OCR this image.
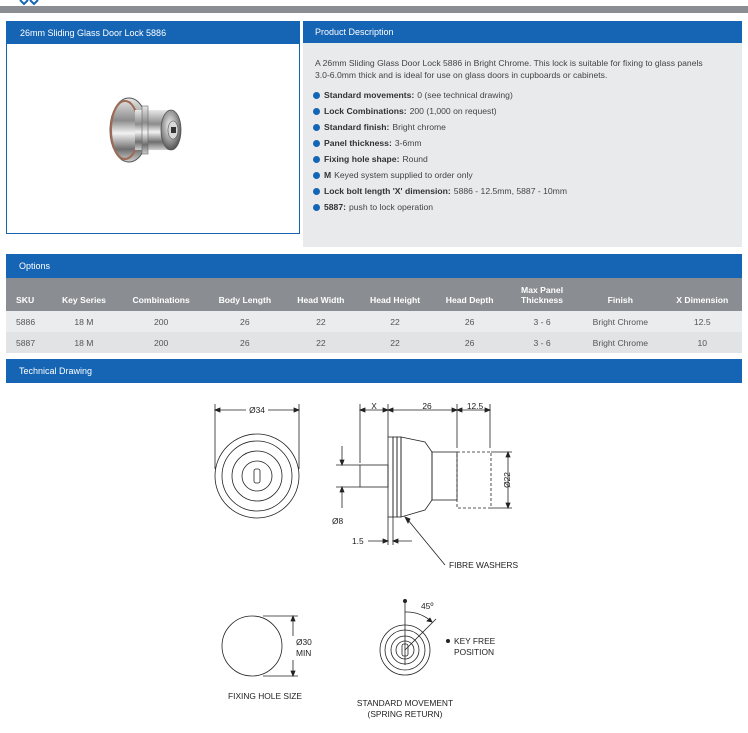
26mm Sliding Glass Door Lock 5886	Product Description

A 26mm Sliding Glass Door Lock 5886 in Bright Chrome. This lock is suitable for fixing to glass panels 3.0-6.0mm thick and is ideal for use on glass doors in cupboards or cabinets.

Standard movements: 0 (see technical drawing)
Lock Combinations: 200 (1,000 on request)
Standard finish: Bright chrome
Panel thickness: 3-6mm
Fixing hole shape: Round
M Keyed system supplied to order only
Lock bolt length 'X' dimension: 5886 - 12.5mm, 5887 - 10mm
5887: push to lock operation
Options
SKU	Key Series	Combinations	Body Length	Head Width	Head Height	Head Depth	Max Panel Thickness	Finish	X Dimension
5886	18 M	200	26	22	22	26	3 - 6	Bright Chrome	12.5
5887	18 M	200	26	22	22	26	3 - 6	Bright Chrome	10
Technical Drawing
Ø34	X	26	12.5
Ø22
Ø8
1.5
FIBRE WASHERS
Ø30
MIN
FIXING HOLE SIZE
45º
KEY FREE
POSITION
STANDARD MOVEMENT
(SPRING RETURN)
